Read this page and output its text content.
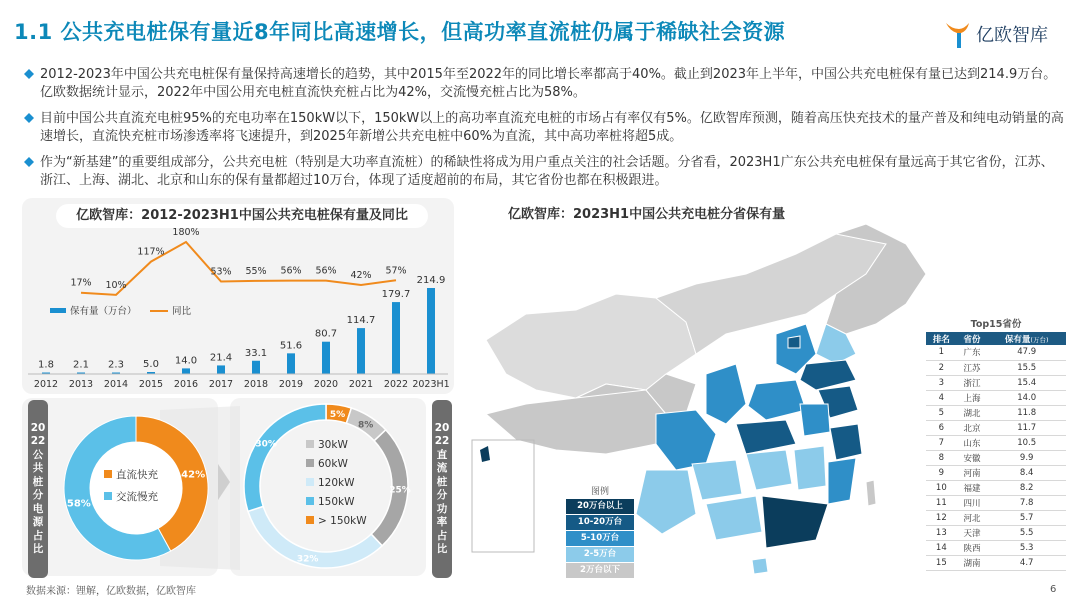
1.1 公共充电桩保有量近8年同比高速增长，但高功率直流桩仍属于稀缺社会资源	亿欧智库
2012-2023年中国公共充电桩保有量保持高速增长的趋势，其中2015年至2022年的同比增长率都高于40%。截止到2023年上半年，中国公共充电桩保有量已达到214.9万台。亿欧数据统计显示，2022年中国公用充电桩直流快充桩占比为42%，交流慢充桩占比为58%。
目前中国公共直流充电桩95%的充电功率在150kW以下，150kW以上的高功率直流充电桩的市场占有率仅有5%。亿欧智库预测，随着高压快充技术的量产普及和纯电动销量的高速增长，直流快充桩市场渗透率将飞速提升，到2025年新增公共充电桩中60%为直流，其中高功率桩将超5成。
作为“新基建”的重要组成部分，公共充电桩（特别是大功率直流桩）的稀缺性将成为用户重点关注的社会话题。分省看，2023H1广东公共充电桩保有量远高于其它省份，江苏、浙江、上海、湖北、北京和山东的保有量都超过10万台，体现了适度超前的布局，其它省份也都在积极跟进。
亿欧智库：2012-2023H1中国公共充电桩保有量及同比
1.8
2012
2.1
2013
2.3
2014
5.0
2015
14.0
2016
21.4
2017
33.1
2018
51.6
2019
80.7
2020
114.7
2021
179.7
2022
214.9
2023H1
17% 10%
117%
180%
53% 55% 56% 56% 42% 57%
保有量（万台）	同比
2022公共桩分电源占比
2022直流桩分功率占比
42%
58%
直流快充
交流慢充
5%
8%
25%
32%
30%	30kW
60kW
120kW
150kW
> 150kW
亿欧智库：2023H1中国公共充电桩分省保有量
图例
20万台以上
10-20万台
5-10万台
2-5万台
2万台以下
Top15省份
排名	省份	保有量(万台)
1	广东	47.9
2	江苏	15.5
3	浙江	15.4
4	上海	14.0
5	湖北	11.8
6	北京	11.7
7	山东	10.5
8	安徽	9.9
9	河南	8.4
10	福建	8.2
11	四川	7.8
12	河北	5.7
13	天津	5.5
14	陕西	5.3
15	湖南	4.7
数据来源：锂解，亿欧数据，亿欧智库	6
